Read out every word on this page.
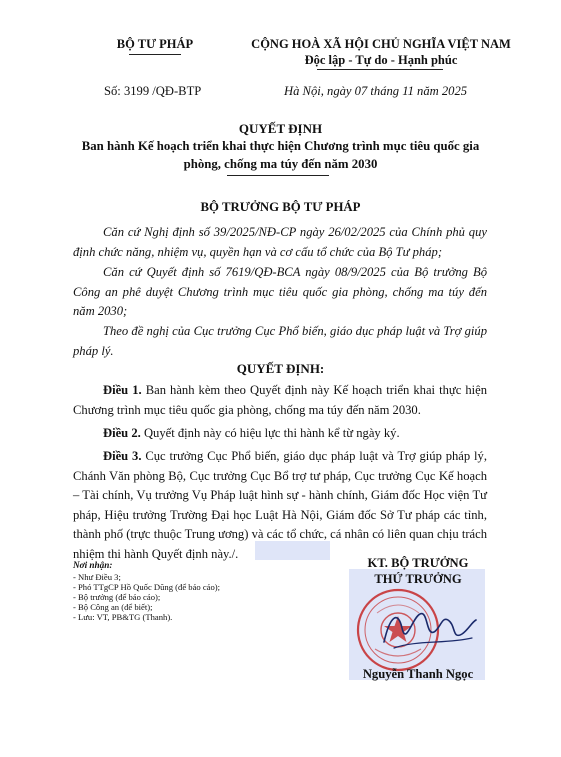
BỘ TƯ PHÁP	CỘNG HOÀ XÃ HỘI CHỦ NGHĨA VIỆT NAM
Độc lập - Tự do - Hạnh phúc
Số: 3199 /QĐ-BTP	Hà Nội, ngày 07 tháng 11 năm 2025
QUYẾT ĐỊNH
Ban hành Kế hoạch triển khai thực hiện Chương trình mục tiêu quốc gia
phòng, chống ma túy đến năm 2030
BỘ TRƯỞNG BỘ TƯ PHÁP
Căn cứ Nghị định số 39/2025/NĐ-CP ngày 26/02/2025 của Chính phủ quy định chức năng, nhiệm vụ, quyền hạn và cơ cấu tổ chức của Bộ Tư pháp;
Căn cứ Quyết định số 7619/QĐ-BCA ngày 08/9/2025 của Bộ trưởng Bộ Công an phê duyệt Chương trình mục tiêu quốc gia phòng, chống ma túy đến năm 2030;
Theo đề nghị của Cục trưởng Cục Phổ biến, giáo dục pháp luật và Trợ giúp pháp lý.
QUYẾT ĐỊNH:
Điều 1. Ban hành kèm theo Quyết định này Kế hoạch triển khai thực hiện Chương trình mục tiêu quốc gia phòng, chống ma túy đến năm 2030.
Điều 2. Quyết định này có hiệu lực thi hành kể từ ngày ký.
Điều 3. Cục trưởng Cục Phổ biến, giáo dục pháp luật và Trợ giúp pháp lý, Chánh Văn phòng Bộ, Cục trưởng Cục Bổ trợ tư pháp, Cục trưởng Cục Kế hoạch – Tài chính, Vụ trưởng Vụ Pháp luật hình sự - hành chính, Giám đốc Học viện Tư pháp, Hiệu trưởng Trường Đại học Luật Hà Nội, Giám đốc Sở Tư pháp các tỉnh, thành phố (trực thuộc Trung ương) và các tổ chức, cá nhân có liên quan chịu trách nhiệm thi hành Quyết định này./.
Nơi nhận:
- Như Điều 3;
- Phó TTgCP Hồ Quốc Dũng (để báo cáo);
- Bộ trưởng (để báo cáo);
- Bộ Công an (để biết);
- Lưu: VT, PB&TG (Thanh).
KT. BỘ TRƯỞNG
THỨ TRƯỞNG
Nguyễn Thanh Ngọc
